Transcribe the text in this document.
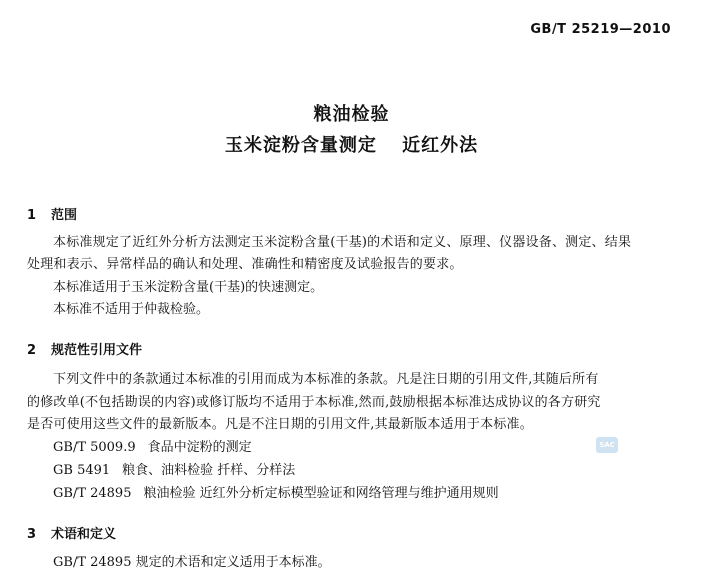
GB/T 25219—2010
粮油检验
玉米淀粉含量测定 近红外法
1 范围
本标准规定了近红外分析方法测定玉米淀粉含量(干基)的术语和定义、原理、仪器设备、测定、结果
处理和表示、异常样品的确认和处理、准确性和精密度及试验报告的要求。
本标准适用于玉米淀粉含量(干基)的快速测定。
本标准不适用于仲裁检验。
2 规范性引用文件
下列文件中的条款通过本标准的引用而成为本标准的条款。凡是注日期的引用文件,其随后所有
的修改单(不包括勘误的内容)或修订版均不适用于本标准,然而,鼓励根据本标准达成协议的各方研究
是否可使用这些文件的最新版本。凡是不注日期的引用文件,其最新版本适用于本标准。
GB/T 5009.9 食品中淀粉的测定
GB 5491 粮食、油料检验 扦样、分样法
GB/T 24895 粮油检验 近红外分析定标模型验证和网络管理与维护通用规则
SAC
3 术语和定义
GB/T 24895 规定的术语和定义适用于本标准。
